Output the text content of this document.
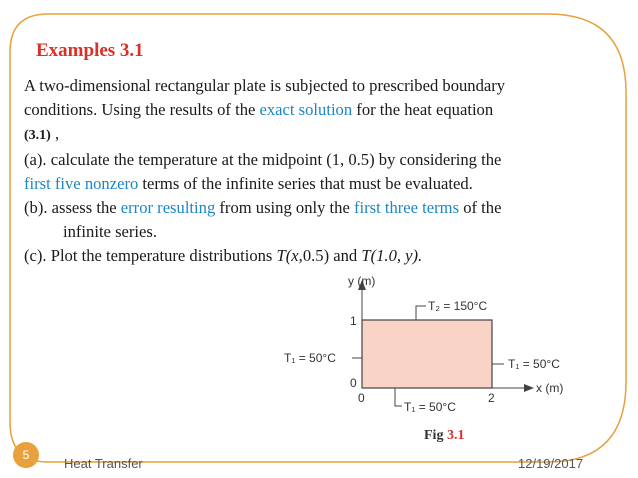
Examples 3.1

A two-dimensional rectangular plate is subjected to prescribed boundary

conditions. Using the results of the exact solution for the heat equation

(3.1) ,

(a). calculate the temperature at the midpoint (1, 0.5) by considering the

first five nonzero terms of the infinite series that must be evaluated.

(b). assess the error resulting from using only the first three terms of the

infinite series.

(c). Plot the temperature distributions T(x,0.5) and T(1.0, y).

y (m)
x (m)
1
0
0	2
T₂ = 150°C
T₁ = 50°C	T₁ = 50°C
T₁ = 50°C
Fig 3.1
5
Heat Transfer	12/19/2017
